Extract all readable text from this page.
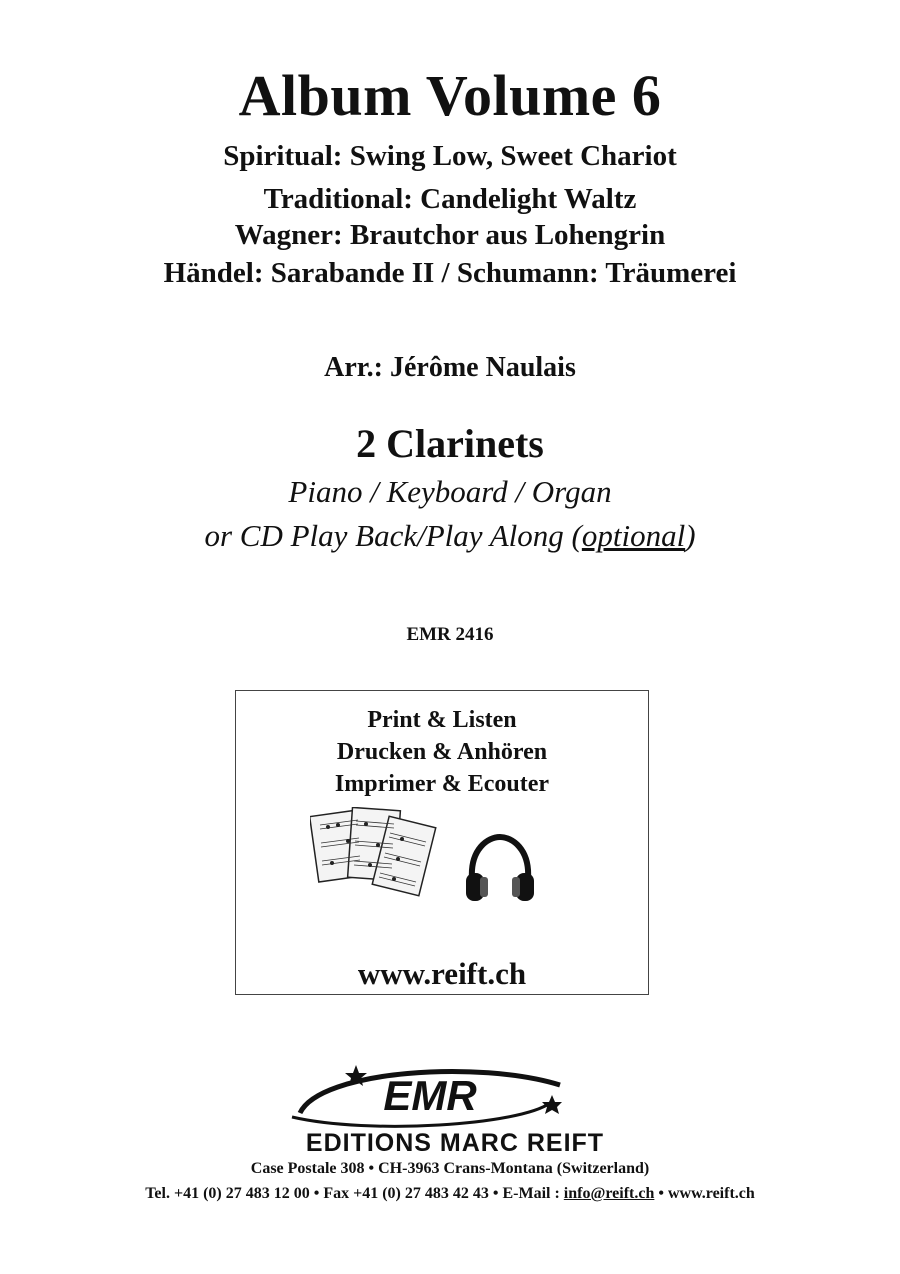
Album Volume 6
Spiritual: Swing Low, Sweet Chariot
Traditional: Candelight Waltz
Wagner: Brautchor aus Lohengrin
Händel: Sarabande II / Schumann: Träumerei
Arr.: Jérôme Naulais
2 Clarinets
Piano / Keyboard / Organ
or CD Play Back/Play Along (optional)
EMR 2416
Print & Listen
Drucken & Anhören
Imprimer & Ecouter
www.reift.ch
EMR
EDITIONS MARC REIFT
Case Postale 308 • CH-3963 Crans-Montana (Switzerland)
Tel. +41 (0) 27 483 12 00 • Fax +41 (0) 27 483 42 43 • E-Mail : info@reift.ch • www.reift.ch
